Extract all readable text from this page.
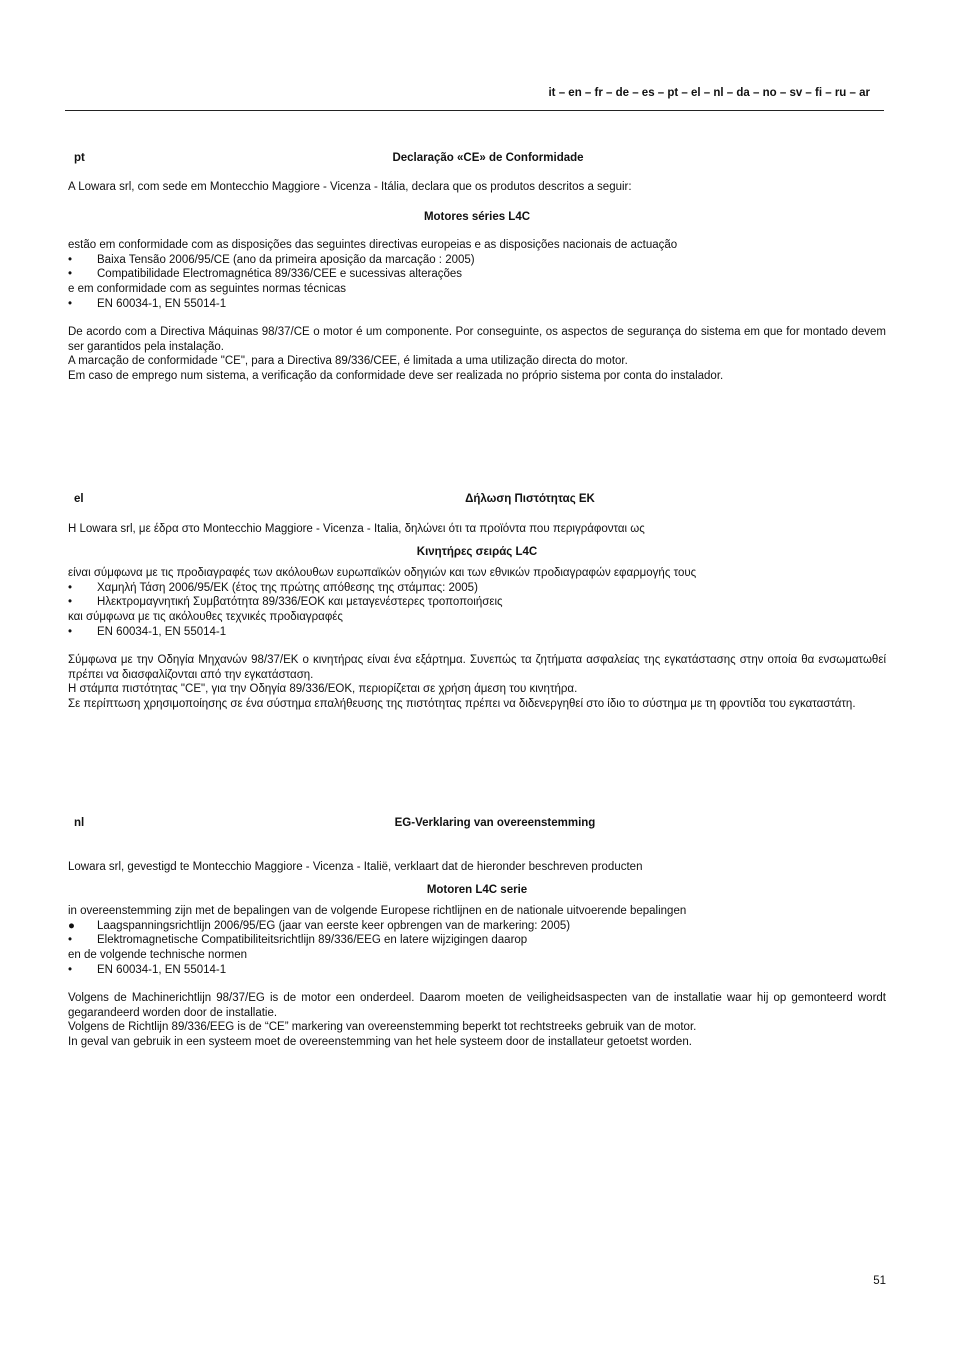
it – en – fr – de – es – pt – el – nl – da – no – sv – fi – ru – ar
pt	Declaração «CE» de Conformidade

A Lowara srl, com sede em Montecchio Maggiore - Vicenza - Itália, declara que os produtos descritos a seguir:

Motores séries L4C

estão em conformidade com as disposições das seguintes directivas europeias e as disposições nacionais de actuação

• Baixa Tensão 2006/95/CE (ano da primeira aposição da marcação : 2005)
• Compatibilidade Electromagnética 89/336/CEE e sucessivas alterações

e em conformidade com as seguintes normas técnicas

• EN 60034-1, EN 55014-1

De acordo com a Directiva Máquinas 98/37/CE o motor é um componente. Por conseguinte, os aspectos de segurança do sistema em que for montado devem ser garantidos pela instalação.

A marcação de conformidade "CE", para a Directiva 89/336/CEE, é limitada a uma utilização directa do motor.

Em caso de emprego num sistema, a verificação da conformidade deve ser realizada no próprio sistema por conta do instalador.

el	Δήλωση Πιστότητας ΕΚ

Η Lowara srl, με έδρα στο Montecchio Maggiore - Vicenza - Italia, δηλώνει ότι τα προϊόντα που περιγράφονται ως

Κινητήρες σειράς L4C

είναι σύμφωνα με τις προδιαγραφές των ακόλουθων ευρωπαϊκών οδηγιών και των εθνικών προδιαγραφών εφαρμογής τους

• Χαμηλή Τάση 2006/95/ΕΚ (έτος της πρώτης απόθεσης της στάμπας: 2005)
• Ηλεκτρομαγνητική Συμβατότητα 89/336/ΕΟΚ και μεταγενέστερες τροποποιήσεις

και σύμφωνα με τις ακόλουθες τεχνικές προδιαγραφές

• EN 60034-1, EN 55014-1

Σύμφωνα με την Οδηγία Μηχανών 98/37/ΕΚ ο κινητήρας είναι ένα εξάρτημα. Συνεπώς τα ζητήματα ασφαλείας της εγκατάστασης στην οποία θα ενσωματωθεί πρέπει να διασφαλίζονται από την εγκατάσταση.

Η στάμπα πιστότητας "CE", για την Οδηγία 89/336/ΕΟΚ, περιορίζεται σε χρήση άμεση του κινητήρα.

Σε περίπτωση χρησιμοποίησης σε ένα σύστημα επαλήθευσης της πιστότητας πρέπει να διδενεργηθεί στο ίδιο το σύστημα με τη φροντίδα του εγκαταστάτη.

nl	EG-Verklaring van overeenstemming

Lowara srl, gevestigd te Montecchio Maggiore - Vicenza - Italië, verklaart dat de hieronder beschreven producten

Motoren L4C serie

in overeenstemming zijn met de bepalingen van de volgende Europese richtlijnen en de nationale uitvoerende bepalingen

● Laagspanningsrichtlijn 2006/95/EG (jaar van eerste keer opbrengen van de markering: 2005)
• Elektromagnetische Compatibiliteitsrichtlijn 89/336/EEG en latere wijzigingen daarop

en de volgende technische normen

• EN 60034-1, EN 55014-1

Volgens de Machinerichtlijn 98/37/EG is de motor een onderdeel. Daarom moeten de veiligheidsaspecten van de installatie waar hij op gemonteerd wordt gegarandeerd worden door de installatie.

Volgens de Richtlijn 89/336/EEG is de “CE” markering van overeenstemming beperkt tot rechtstreeks gebruik van de motor.

In geval van gebruik in een systeem moet de overeenstemming van het hele systeem door de installateur getoetst worden.

51
